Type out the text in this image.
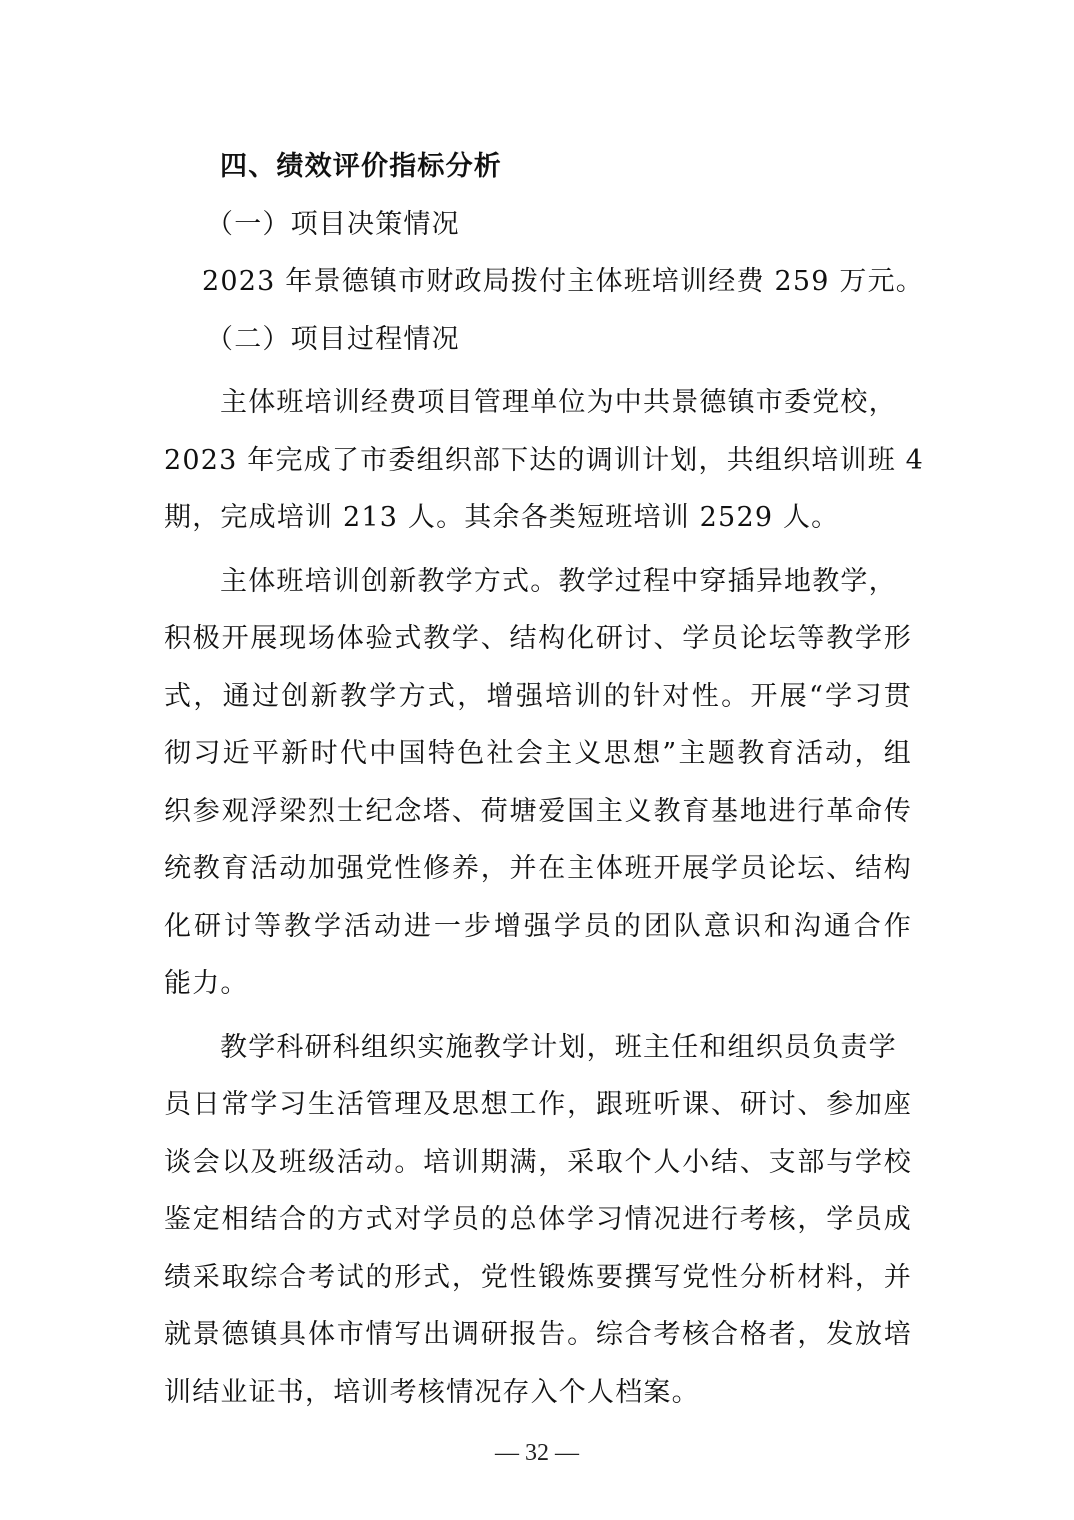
四、绩效评价指标分析
（一）项目决策情况
2023 年景德镇市财政局拨付主体班培训经费 259 万元。
（二）项目过程情况
主体班培训经费项目管理单位为中共景德镇市委党校，
2023 年完成了市委组织部下达的调训计划，共组织培训班 4
期，完成培训 213 人。其余各类短班培训 2529 人。
主体班培训创新教学方式。教学过程中穿插异地教学，
积极开展现场体验式教学、结构化研讨、学员论坛等教学形
式，通过创新教学方式，增强培训的针对性。开展“学习贯
彻习近平新时代中国特色社会主义思想”主题教育活动，组
织参观浮梁烈士纪念塔、荷塘爱国主义教育基地进行革命传
统教育活动加强党性修养，并在主体班开展学员论坛、结构
化研讨等教学活动进一步增强学员的团队意识和沟通合作
能力。
教学科研科组织实施教学计划，班主任和组织员负责学
员日常学习生活管理及思想工作，跟班听课、研讨、参加座
谈会以及班级活动。培训期满，采取个人小结、支部与学校
鉴定相结合的方式对学员的总体学习情况进行考核，学员成
绩采取综合考试的形式，党性锻炼要撰写党性分析材料，并
就景德镇具体市情写出调研报告。综合考核合格者，发放培
训结业证书，培训考核情况存入个人档案。
— 32 —
